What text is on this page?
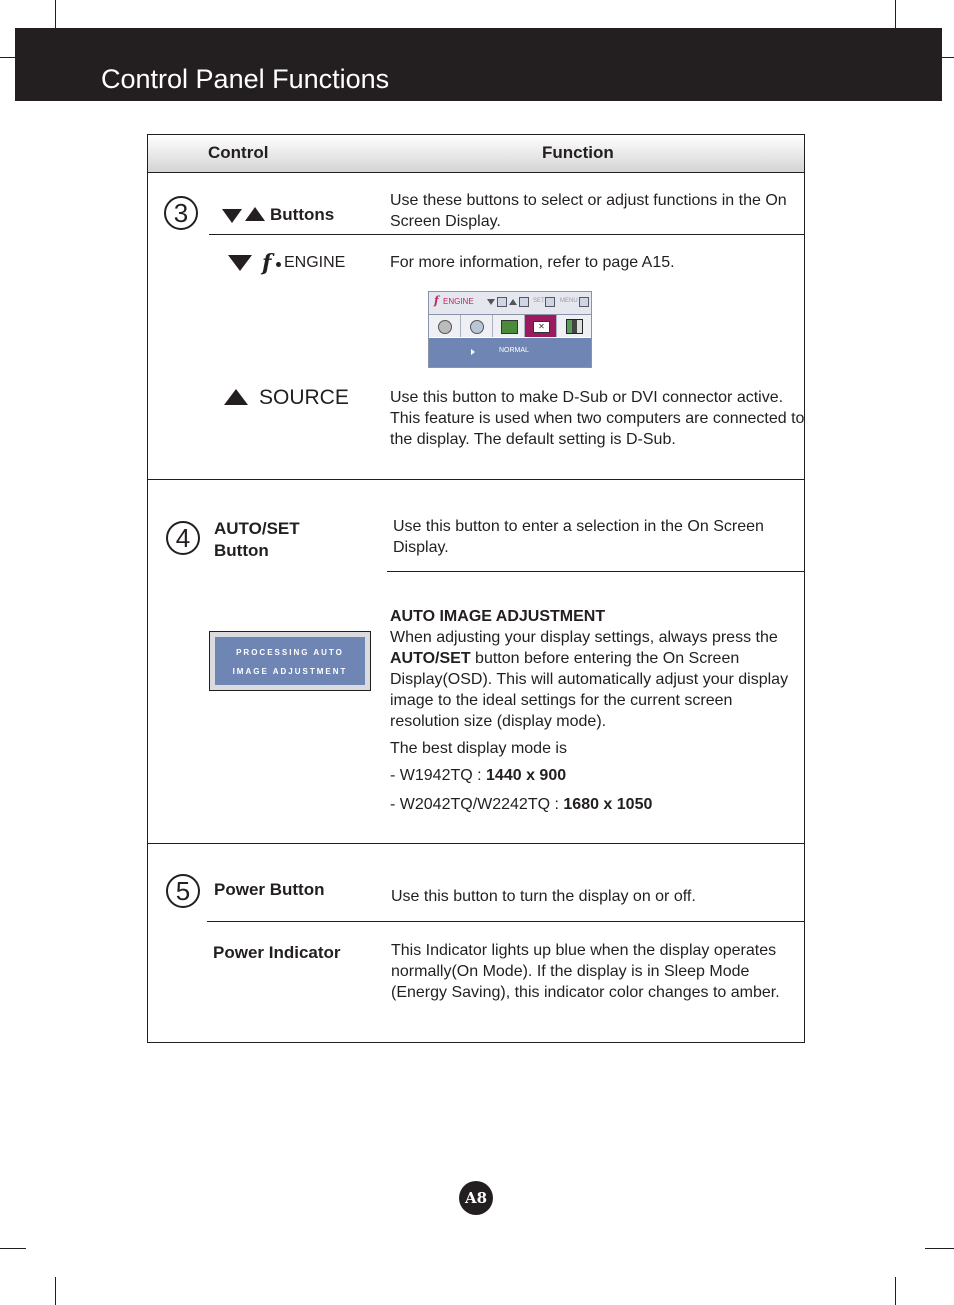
Control Panel Functions
Control	Function
3	Buttons
Use these buttons to select or adjust functions in the On Screen Display.
f ENGINE	For more information, refer to page A15.
f ENGINE	SET	MENU
✕
NORMAL
SOURCE	Use this button to make D-Sub or DVI connector active. This feature is used when two computers are connected to the display. The default setting is D-Sub.
4	AUTO/SET
Button
Use this button to enter a selection in the On Screen Display.
PROCESSING AUTO
IMAGE ADJUSTMENT
AUTO IMAGE ADJUSTMENT
When adjusting your display settings, always press the AUTO/SET button before entering the On Screen Display(OSD). This will automatically adjust your display image to the ideal settings for the current screen resolution size (display mode).
The best display mode is
- W1942TQ : 1440 x 900
- W2042TQ/W2242TQ : 1680 x 1050
5	Power Button	Use this button to turn the display on or off.
Power Indicator	This Indicator lights up blue when the display operates normally(On Mode). If the display is in Sleep Mode (Energy Saving), this indicator color changes to amber.
A8
